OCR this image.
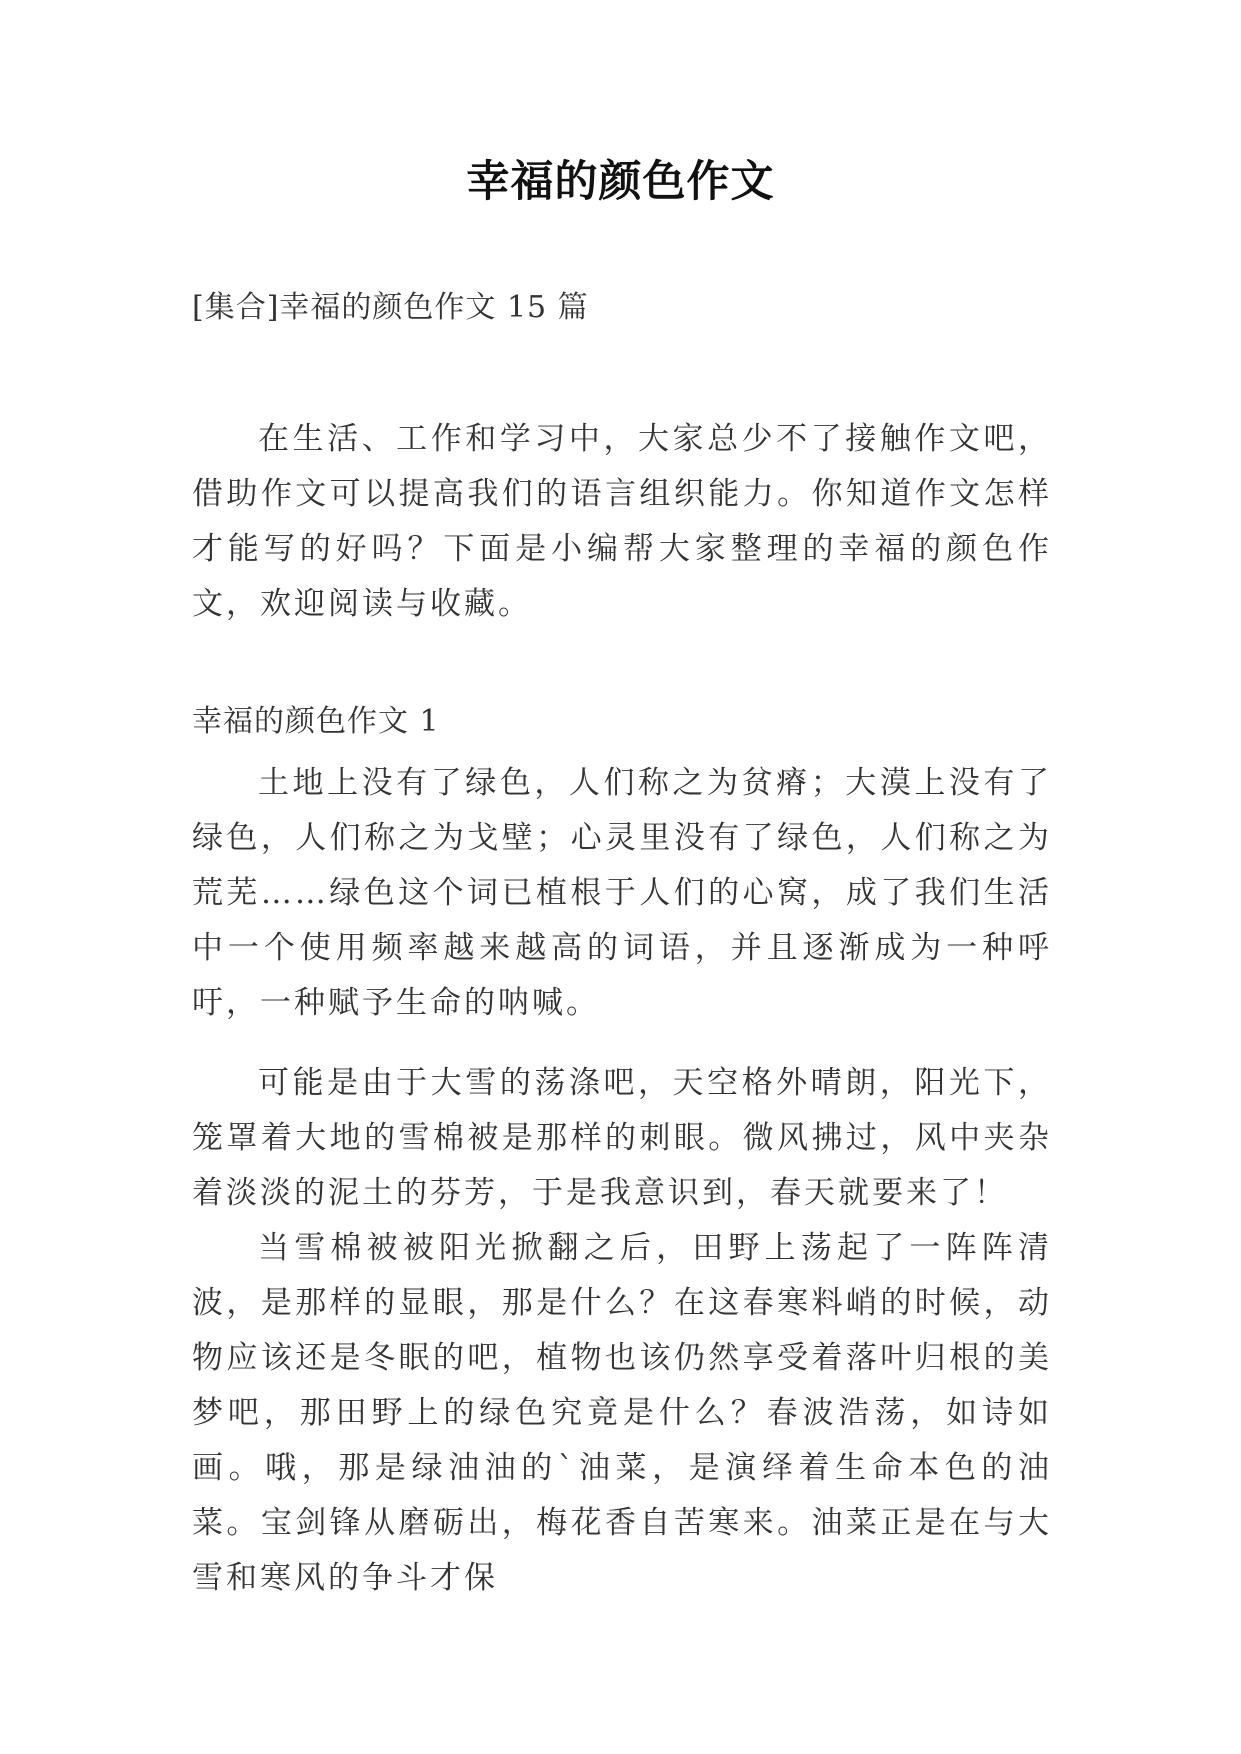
幸福的颜色作文
[集合]幸福的颜色作文 15 篇

在生活、工作和学习中，大家总少不了接触作文吧，借助作文可以提高我们的语言组织能力。你知道作文怎样才能写的好吗？下面是小编帮大家整理的幸福的颜色作文，欢迎阅读与收藏。

幸福的颜色作文 1

土地上没有了绿色，人们称之为贫瘠；大漠上没有了绿色，人们称之为戈壁；心灵里没有了绿色，人们称之为荒芜……绿色这个词已植根于人们的心窝，成了我们生活中一个使用频率越来越高的词语，并且逐渐成为一种呼吁，一种赋予生命的呐喊。

可能是由于大雪的荡涤吧，天空格外晴朗，阳光下，笼罩着大地的雪棉被是那样的刺眼。微风拂过，风中夹杂着淡淡的泥土的芬芳，于是我意识到，春天就要来了！

当雪棉被被阳光掀翻之后，田野上荡起了一阵阵清波，是那样的显眼，那是什么？在这春寒料峭的时候，动物应该还是冬眠的吧，植物也该仍然享受着落叶归根的美梦吧，那田野上的绿色究竟是什么？春波浩荡，如诗如画。哦，那是绿油油的`油菜，是演绎着生命本色的油菜。宝剑锋从磨砺出，梅花香自苦寒来。油菜正是在与大雪和寒风的争斗才保
